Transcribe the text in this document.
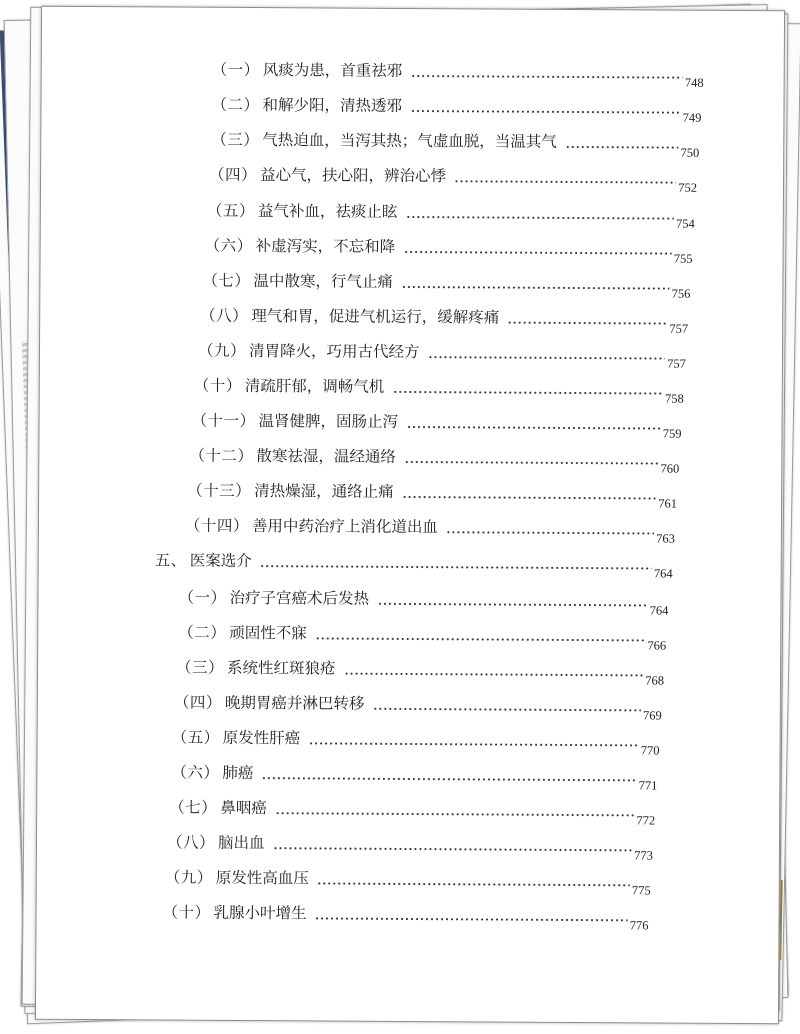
（一） 风痰为患，首重祛邪
748
（二） 和解少阳，清热透邪
749
（三） 气热迫血，当泻其热；气虚血脱，当温其气
750
（四） 益心气，扶心阳，辨治心悸
752
（五） 益气补血，祛痰止眩
754
（六） 补虚泻实，不忘和降
755
（七） 温中散寒，行气止痛
756
（八） 理气和胃，促进气机运行，缓解疼痛
757
（九） 清胃降火，巧用古代经方
757
（十） 清疏肝郁，调畅气机
758
（十一） 温肾健脾，固肠止泻
759
（十二） 散寒祛湿，温经通络
760
（十三） 清热燥湿，通络止痛
761
（十四） 善用中药治疗上消化道出血
763
五、 医案选介
764
（一） 治疗子宫癌术后发热
764
（二） 顽固性不寐
766
（三） 系统性红斑狼疮
768
（四） 晚期胃癌并淋巴转移
769
（五） 原发性肝癌
770
（六） 肺癌
771
（七） 鼻咽癌
772
（八） 脑出血
773
（九） 原发性高血压
775
（十） 乳腺小叶增生
776
